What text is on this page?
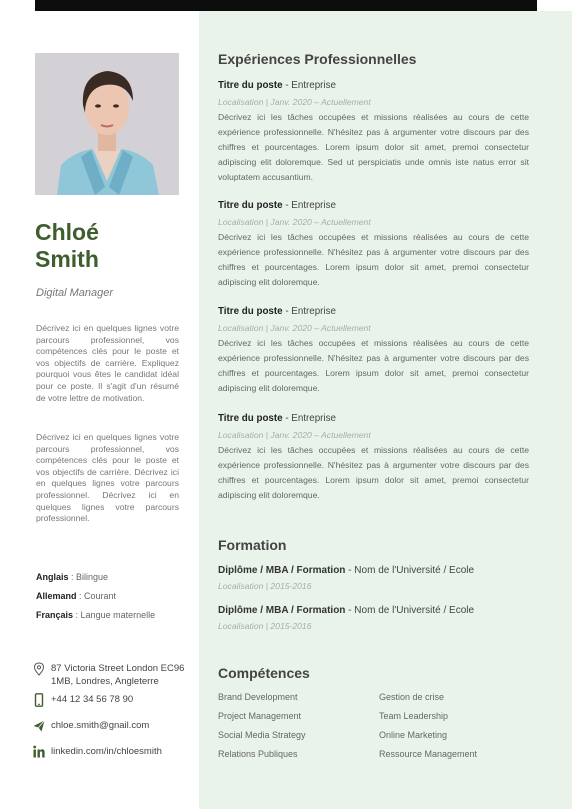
Chloé
Smith
Digital Manager

Décrivez ici en quelques lignes votre parcours professionnel, vos compétences clés pour le poste et vos objectifs de carrière. Expliquez pourquoi vous êtes le candidat idéal pour ce poste. Il s'agit d'un résumé de votre lettre de motivation.

Décrivez ici en quelques lignes votre parcours professionnel, vos compétences clés pour le poste et vos objectifs de carrière. Décrivez ici en quelques lignes votre parcours professionnel. Décrivez ici en quelques lignes votre parcours professionnel.

Anglais : Bilingue
Allemand : Courant
Français : Langue maternelle
87 Victoria Street London EC96 1MB, Londres, Angleterre
+44 12 34 56 78 90
chloe.smith@gnail.com
linkedin.com/in/chloesmith
Expériences Professionnelles
Titre du poste - Entreprise
Localisation | Janv. 2020 – Actuellement
Décrivez ici les tâches occupées et missions réalisées au cours de cette expérience professionnelle. N'hésitez pas à argumenter votre discours par des chiffres et pourcentages. Lorem ipsum dolor sit amet, premoi consectetur adipiscing elit doloremque. Sed ut perspiciatis unde omnis iste natus error sit voluptatem accusantium.
Titre du poste - Entreprise
Localisation | Janv. 2020 – Actuellement
Décrivez ici les tâches occupées et missions réalisées au cours de cette expérience professionnelle. N'hésitez pas à argumenter votre discours par des chiffres et pourcentages. Lorem ipsum dolor sit amet, premoi consectetur adipiscing elit doloremque.
Titre du poste - Entreprise
Localisation | Janv. 2020 – Actuellement
Décrivez ici les tâches occupées et missions réalisées au cours de cette expérience professionnelle. N'hésitez pas à argumenter votre discours par des chiffres et pourcentages. Lorem ipsum dolor sit amet, premoi consectetur adipiscing elit doloremque.
Titre du poste - Entreprise
Localisation | Janv. 2020 – Actuellement
Décrivez ici les tâches occupées et missions réalisées au cours de cette expérience professionnelle. N'hésitez pas à argumenter votre discours par des chiffres et pourcentages. Lorem ipsum dolor sit amet, premoi consectetur adipiscing elit doloremque.
Formation
Diplôme / MBA / Formation - Nom de l'Université / Ecole
Localisation | 2015-2016
Diplôme / MBA / Formation - Nom de l'Université / Ecole
Localisation | 2015-2016
Compétences
Brand Development
Project Management
Social Media Strategy
Relations Publiques
Gestion de crise
Team Leadership
Online Marketing
Ressource Management
